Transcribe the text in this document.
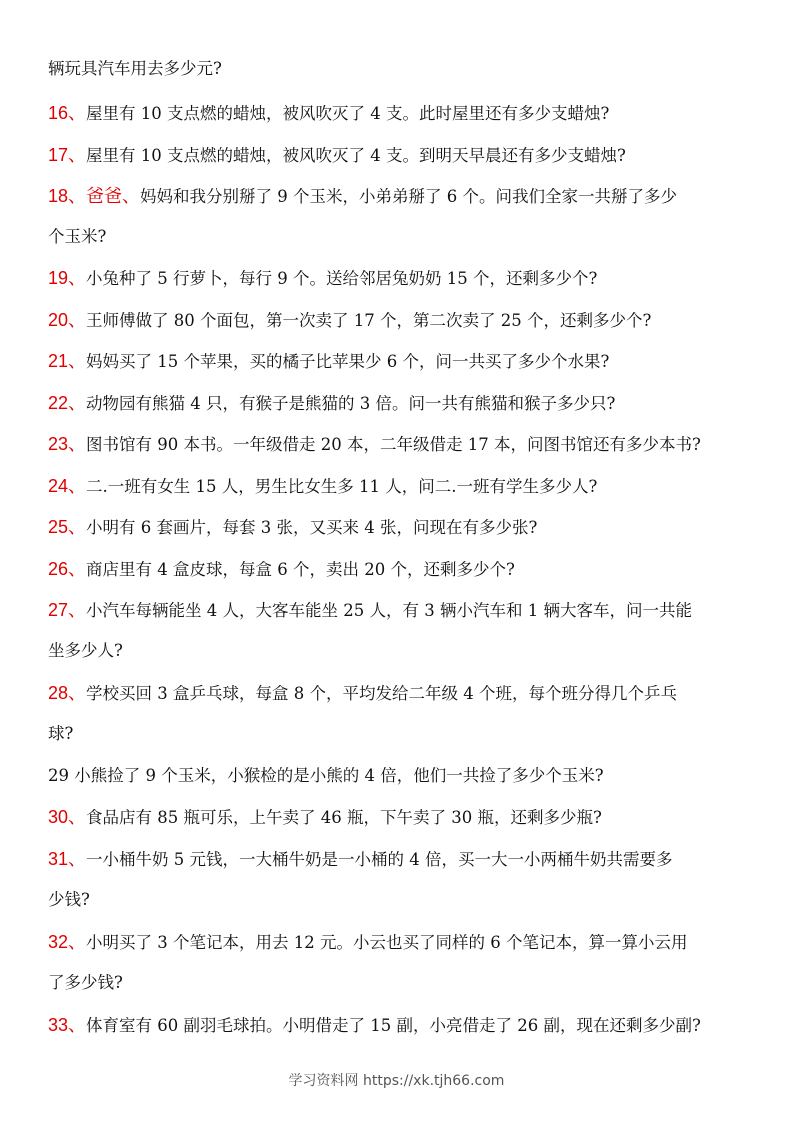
辆玩具汽车用去多少元?
16、屋里有 10 支点燃的蜡烛，被风吹灭了 4 支。此时屋里还有多少支蜡烛?
17、屋里有 10 支点燃的蜡烛，被风吹灭了 4 支。到明天早晨还有多少支蜡烛?
18、爸爸、妈妈和我分别掰了 9 个玉米，小弟弟掰了 6 个。问我们全家一共掰了多少
个玉米?
19、小兔种了 5 行萝卜，每行 9 个。送给邻居兔奶奶 15 个，还剩多少个?
20、王师傅做了 80 个面包，第一次卖了 17 个，第二次卖了 25 个，还剩多少个?
21、妈妈买了 15 个苹果，买的橘子比苹果少 6 个，问一共买了多少个水果?
22、动物园有熊猫 4 只，有猴子是熊猫的 3 倍。问一共有熊猫和猴子多少只?
23、图书馆有 90 本书。一年级借走 20 本，二年级借走 17 本，问图书馆还有多少本书?
24、二.一班有女生 15 人，男生比女生多 11 人，问二.一班有学生多少人?
25、小明有 6 套画片，每套 3 张，又买来 4 张，问现在有多少张?
26、商店里有 4 盒皮球，每盒 6 个，卖出 20 个，还剩多少个?
27、小汽车每辆能坐 4 人，大客车能坐 25 人，有 3 辆小汽车和 1 辆大客车，问一共能
坐多少人?
28、学校买回 3 盒乒乓球，每盒 8 个，平均发给二年级 4 个班，每个班分得几个乒乓
球?
29 小熊捡了 9 个玉米，小猴检的是小熊的 4 倍，他们一共捡了多少个玉米?
30、食品店有 85 瓶可乐，上午卖了 46 瓶，下午卖了 30 瓶，还剩多少瓶?
31、一小桶牛奶 5 元钱，一大桶牛奶是一小桶的 4 倍，买一大一小两桶牛奶共需要多
少钱?
32、小明买了 3 个笔记本，用去 12 元。小云也买了同样的 6 个笔记本，算一算小云用
了多少钱?
33、体育室有 60 副羽毛球拍。小明借走了 15 副，小亮借走了 26 副，现在还剩多少副?
学习资料网 https://xk.tjh66.com
